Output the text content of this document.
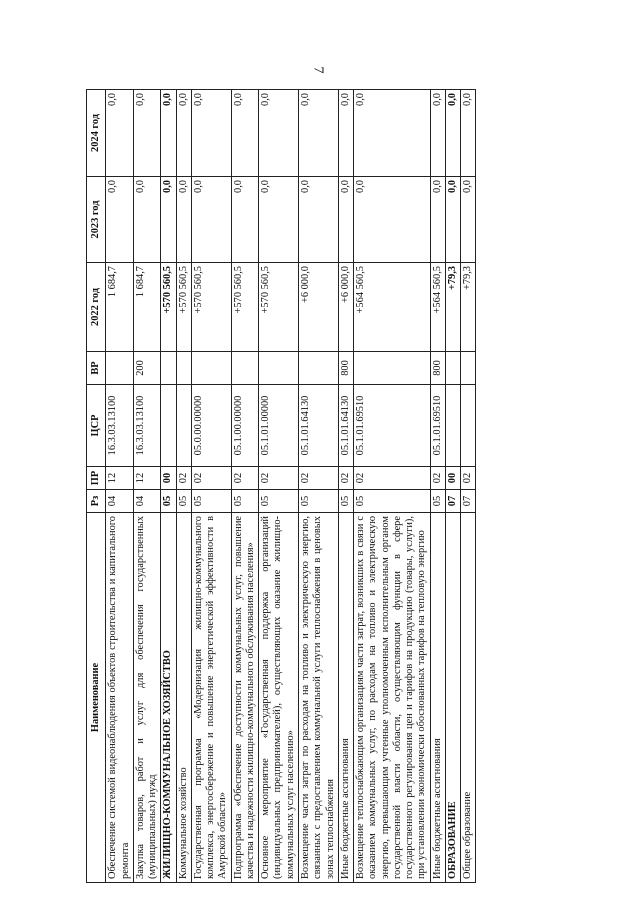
7
Наименование	Рз	ПР	ЦСР	ВР	2022 год	2023 год	2024 год
Обеспечение системой видеонаблюдения объектов строительства и капитального ремонта	04	12	16.3.03.13100		1 684,7	0,0	0,0
Закупка товаров, работ и услуг для обеспечения государственных (муниципальных) нужд	04	12	16.3.03.13100	200	1 684,7	0,0	0,0
ЖИЛИЩНО-КОММУНАЛЬНОЕ ХОЗЯЙСТВО	05	00			+570 560,5	0,0	0,0
Коммунальное хозяйство	05	02			+570 560,5	0,0	0,0
Государственная программа «Модернизация жилищно-коммунального комплекса, энергосбережение и повышение энергетической эффективности в Амурской области»	05	02	05.0.00.00000		+570 560,5	0,0	0,0
Подпрограмма «Обеспечение доступности коммунальных услуг, повышение качества и надежности жилищно-коммунального обслуживания населения»	05	02	05.1.00.00000		+570 560,5	0,0	0,0
Основное мероприятие «Государственная поддержка организаций (индивидуальных предпринимателей), осуществляющих оказание жилищно-коммунальных услуг населению»	05	02	05.1.01.00000		+570 560,5	0,0	0,0
Возмещение части затрат по расходам на топливо и электрическую энергию, связанных с предоставлением коммунальной услуги теплоснабжения в ценовых зонах теплоснабжения	05	02	05.1.01.64130		+6 000,0	0,0	0,0
Иные бюджетные ассигнования	05	02	05.1.01.64130	800	+6 000,0	0,0	0,0
Возмещение теплоснабжающим организациям части затрат, возникших в связи с оказанием коммунальных услуг, по расходам на топливо и электрическую энергию, превышающим учтенные уполномоченным исполнительным органом государственной власти области, осуществляющим функции в сфере государственного регулирования цен и тарифов на продукцию (товары, услуги), при установлении экономически обоснованных тарифов на тепловую энергию	05	02	05.1.01.69510		+564 560,5	0,0	0,0
Иные бюджетные ассигнования	05	02	05.1.01.69510	800	+564 560,5	0,0	0,0
ОБРАЗОВАНИЕ	07	00			+79,3	0,0	0,0
Общее образование	07	02			+79,3	0,0	0,0
